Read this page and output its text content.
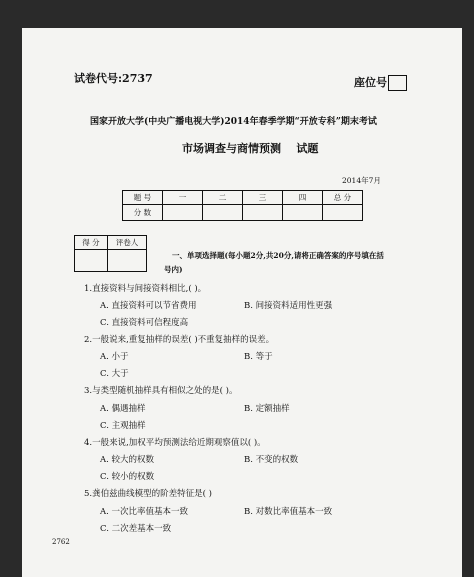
试卷代号:2737	座位号
国家开放大学(中央广播电视大学)2014年春季学期“开放专科”期末考试
市场调查与商情预测    试题
2014年7月
题 号	一	二	三	四	总 分
分 数					
得 分	评卷人

一、单项选择题(每小题2分,共20分,请将正确答案的序号填在括
号内)
1.直接资料与间接资料相比,( )。
A. 直接资料可以节省费用	B. 间接资料适用性更强
C. 直接资料可信程度高
2.一般说来,重复抽样的误差( )不重复抽样的误差。
A. 小于	B. 等于
C. 大于
3.与类型随机抽样具有相似之处的是( )。
A. 偶遇抽样	B. 定额抽样
C. 主观抽样
4.一般来说,加权平均预测法给近期观察值以( )。
A. 较大的权数	B. 不变的权数
C. 较小的权数
5.龚伯兹曲线模型的阶差特征是( )
A. 一次比率值基本一致	B. 对数比率值基本一致
C. 二次差基本一致
2762
